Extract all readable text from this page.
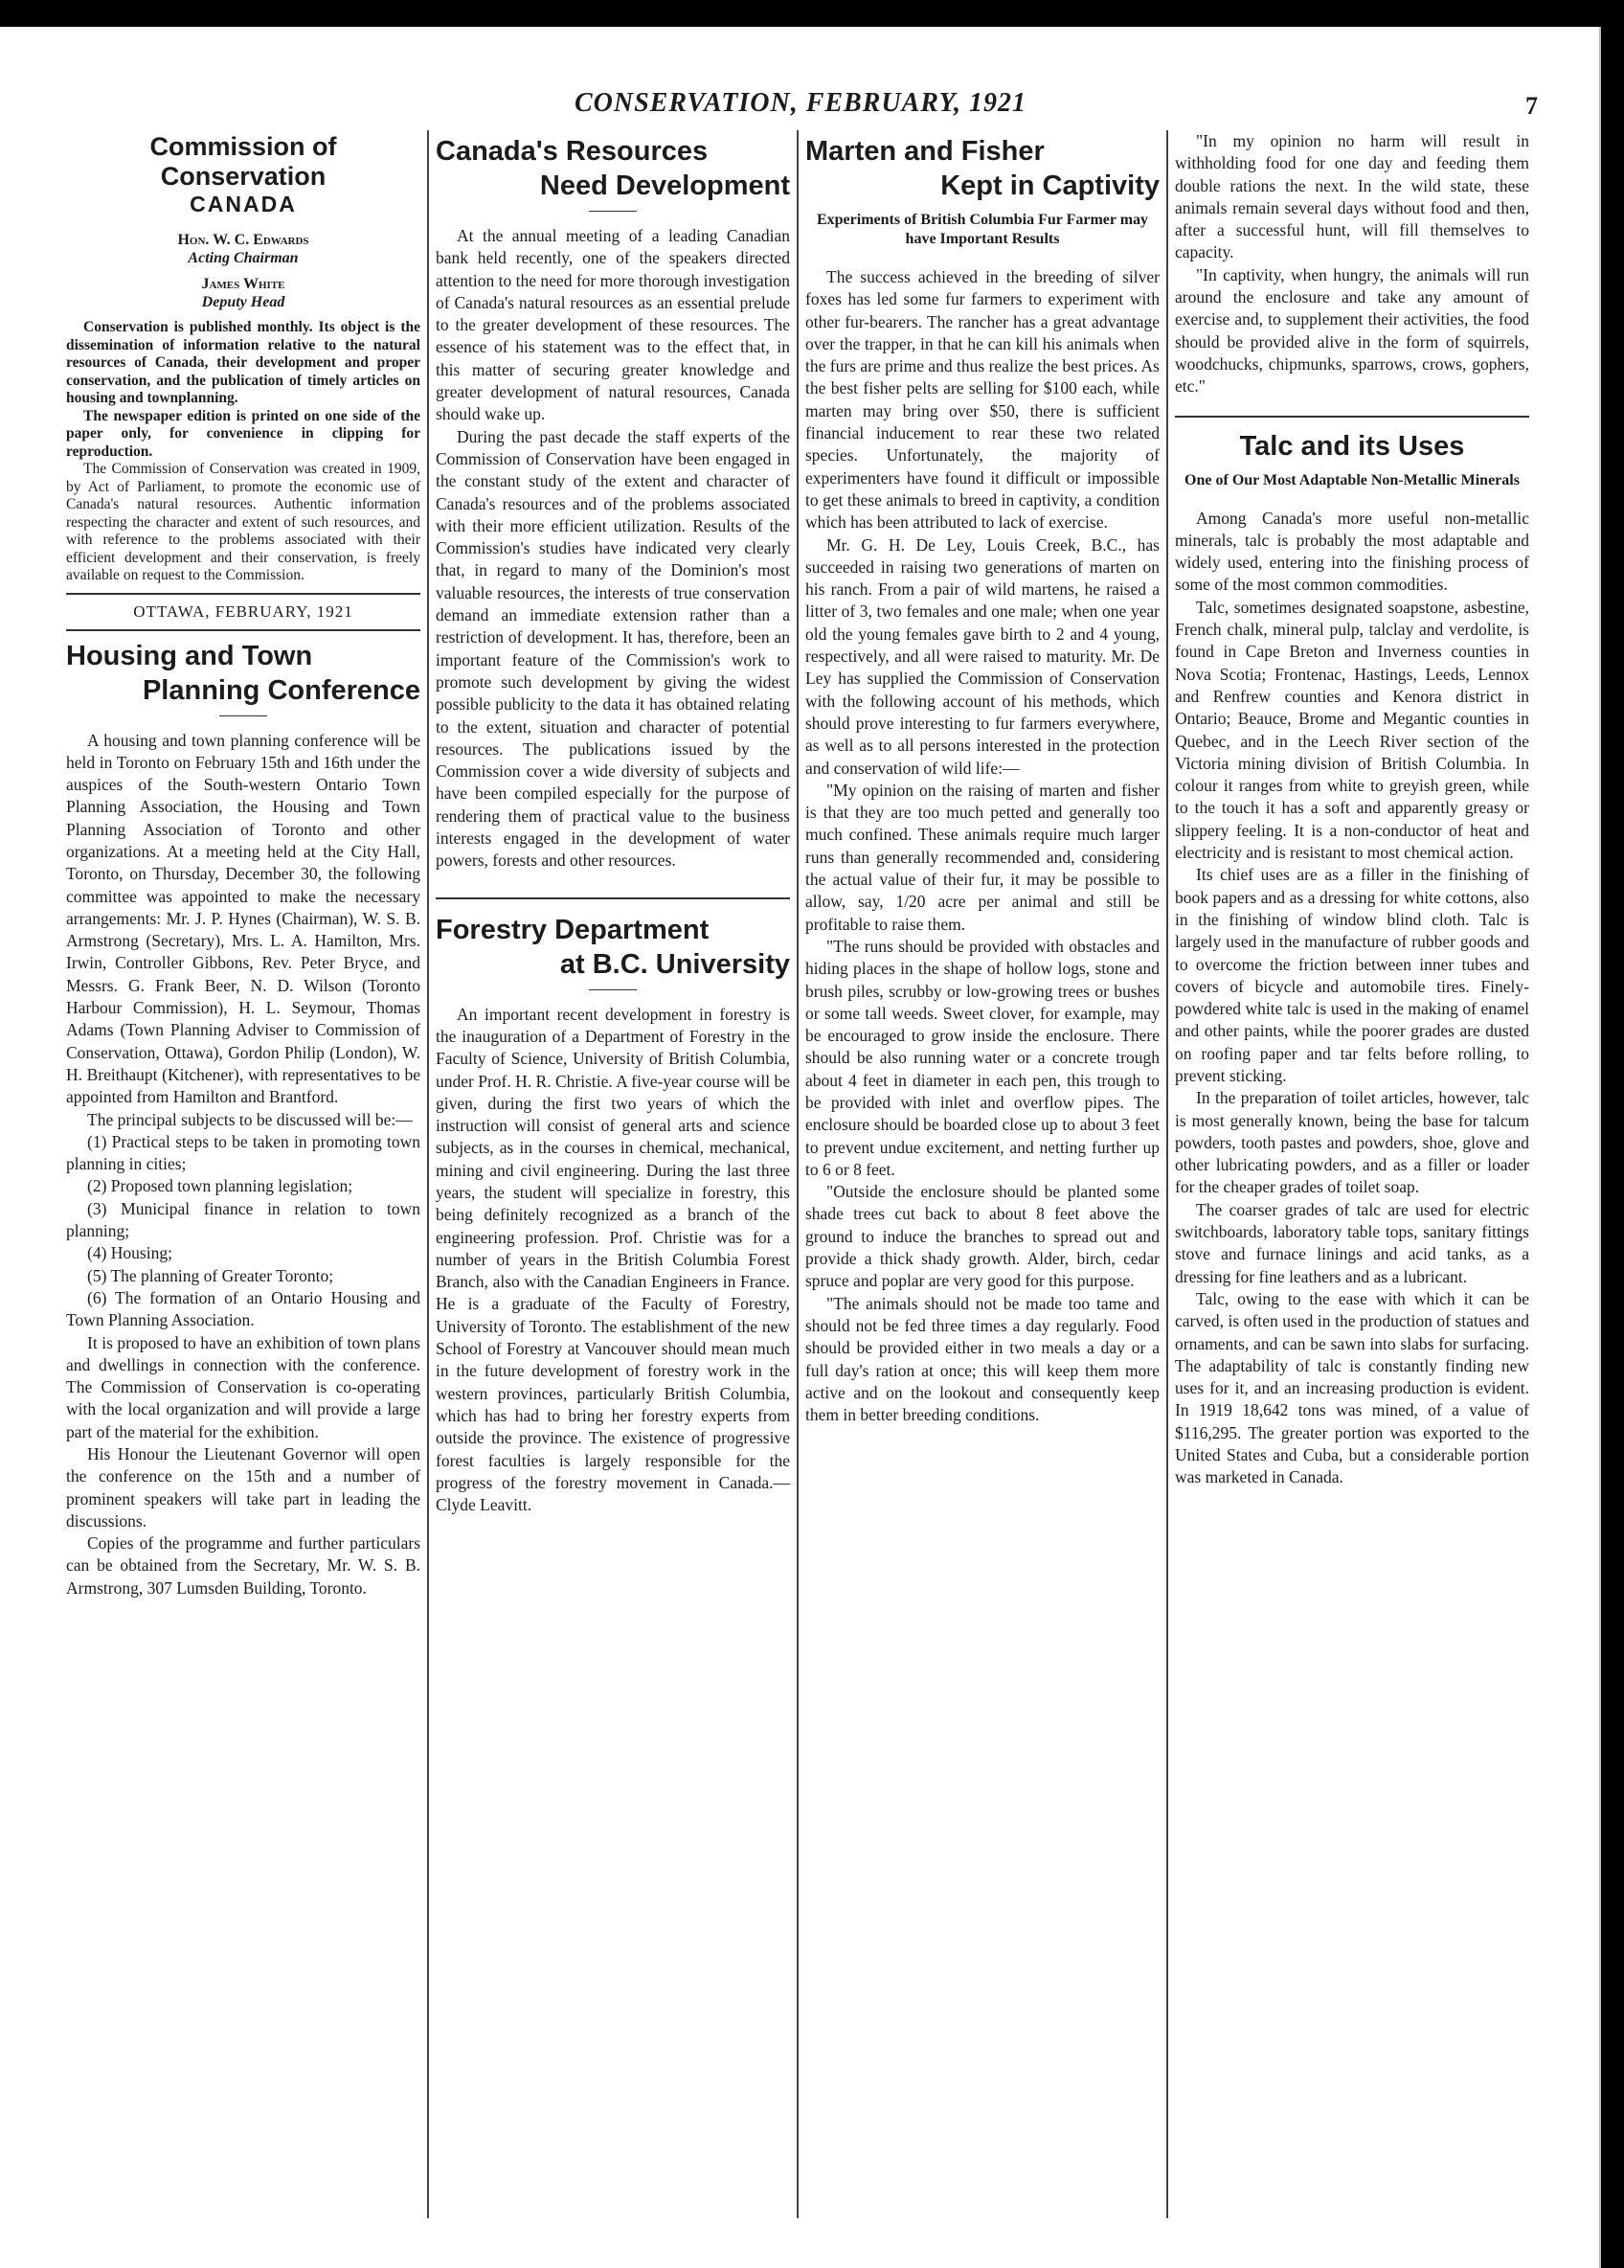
CONSERVATION, FEBRUARY, 1921	7
Commission of Conservation
CANADA
Hon. W. C. Edwards
Acting Chairman
James White
Deputy Head

Conservation is published monthly. Its object is the dissemination of information relative to the natural resources of Canada, their development and proper conservation, and the publication of timely articles on housing and townplanning.

The newspaper edition is printed on one side of the paper only, for convenience in clipping for reproduction.

The Commission of Conservation was created in 1909, by Act of Parliament, to promote the economic use of Canada's natural resources. Authentic information respecting the character and extent of such resources, and with reference to the problems associated with their efficient development and their conservation, is freely available on request to the Commission.

OTTAWA, FEBRUARY, 1921
Housing and Town
Planning Conference

A housing and town planning conference will be held in Toronto on February 15th and 16th under the auspices of the South-western Ontario Town Planning Association, the Housing and Town Planning Association of Toronto and other organizations. At a meeting held at the City Hall, Toronto, on Thursday, December 30, the following committee was appointed to make the necessary arrangements: Mr. J. P. Hynes (Chairman), W. S. B. Armstrong (Secretary), Mrs. L. A. Hamilton, Mrs. Irwin, Controller Gibbons, Rev. Peter Bryce, and Messrs. G. Frank Beer, N. D. Wilson (Toronto Harbour Commission), H. L. Seymour, Thomas Adams (Town Planning Adviser to Commission of Conservation, Ottawa), Gordon Philip (London), W. H. Breithaupt (Kitchener), with representatives to be appointed from Hamilton and Brantford.

The principal subjects to be discussed will be:—

(1) Practical steps to be taken in promoting town planning in cities;

(2) Proposed town planning legislation;

(3) Municipal finance in relation to town planning;

(4) Housing;

(5) The planning of Greater Toronto;

(6) The formation of an Ontario Housing and Town Planning Association.

It is proposed to have an exhibition of town plans and dwellings in connection with the conference. The Commission of Conservation is co-operating with the local organization and will provide a large part of the material for the exhibition.

His Honour the Lieutenant Governor will open the conference on the 15th and a number of prominent speakers will take part in leading the discussions.

Copies of the programme and further particulars can be obtained from the Secretary, Mr. W. S. B. Armstrong, 307 Lumsden Building, Toronto.

Canada's Resources
Need Development

At the annual meeting of a leading Canadian bank held recently, one of the speakers directed attention to the need for more thorough investigation of Canada's natural resources as an essential prelude to the greater development of these resources. The essence of his statement was to the effect that, in this matter of securing greater knowledge and greater development of natural resources, Canada should wake up.

During the past decade the staff experts of the Commission of Conservation have been engaged in the constant study of the extent and character of Canada's resources and of the problems associated with their more efficient utilization. Results of the Commission's studies have indicated very clearly that, in regard to many of the Dominion's most valuable resources, the interests of true conservation demand an immediate extension rather than a restriction of development. It has, therefore, been an important feature of the Commission's work to promote such development by giving the widest possible publicity to the data it has obtained relating to the extent, situation and character of potential resources. The publications issued by the Commission cover a wide diversity of subjects and have been compiled especially for the purpose of rendering them of practical value to the business interests engaged in the development of water powers, forests and other resources.

Forestry Department
at B.C. University

An important recent development in forestry is the inauguration of a Department of Forestry in the Faculty of Science, University of British Columbia, under Prof. H. R. Christie. A five-year course will be given, during the first two years of which the instruction will consist of general arts and science subjects, as in the courses in chemical, mechanical, mining and civil engineering. During the last three years, the student will specialize in forestry, this being definitely recognized as a branch of the engineering profession. Prof. Christie was for a number of years in the British Columbia Forest Branch, also with the Canadian Engineers in France. He is a graduate of the Faculty of Forestry, University of Toronto. The establishment of the new School of Forestry at Vancouver should mean much in the future development of forestry work in the western provinces, particularly British Columbia, which has had to bring her forestry experts from outside the province. The existence of progressive forest faculties is largely responsible for the progress of the forestry movement in Canada.—Clyde Leavitt.

Marten and Fisher
Kept in Captivity
Experiments of British Columbia Fur Farmer may have Important Results

The success achieved in the breeding of silver foxes has led some fur farmers to experiment with other fur-bearers. The rancher has a great advantage over the trapper, in that he can kill his animals when the furs are prime and thus realize the best prices. As the best fisher pelts are selling for $100 each, while marten may bring over $50, there is sufficient financial inducement to rear these two related species. Unfortunately, the majority of experimenters have found it difficult or impossible to get these animals to breed in captivity, a condition which has been attributed to lack of exercise.

Mr. G. H. De Ley, Louis Creek, B.C., has succeeded in raising two generations of marten on his ranch. From a pair of wild martens, he raised a litter of 3, two females and one male; when one year old the young females gave birth to 2 and 4 young, respectively, and all were raised to maturity. Mr. De Ley has supplied the Commission of Conservation with the following account of his methods, which should prove interesting to fur farmers everywhere, as well as to all persons interested in the protection and conservation of wild life:—

"My opinion on the raising of marten and fisher is that they are too much petted and generally too much confined. These animals require much larger runs than generally recommended and, considering the actual value of their fur, it may be possible to allow, say, 1/20 acre per animal and still be profitable to raise them.

"The runs should be provided with obstacles and hiding places in the shape of hollow logs, stone and brush piles, scrubby or low-growing trees or bushes or some tall weeds. Sweet clover, for example, may be encouraged to grow inside the enclosure. There should be also running water or a concrete trough about 4 feet in diameter in each pen, this trough to be provided with inlet and overflow pipes. The enclosure should be boarded close up to about 3 feet to prevent undue excitement, and netting further up to 6 or 8 feet.

"Outside the enclosure should be planted some shade trees cut back to about 8 feet above the ground to induce the branches to spread out and provide a thick shady growth. Alder, birch, cedar spruce and poplar are very good for this purpose.

"The animals should not be made too tame and should not be fed three times a day regularly. Food should be provided either in two meals a day or a full day's ration at once; this will keep them more active and on the lookout and consequently keep them in better breeding conditions.

"In my opinion no harm will result in withholding food for one day and feeding them double rations the next. In the wild state, these animals remain several days without food and then, after a successful hunt, will fill themselves to capacity.

"In captivity, when hungry, the animals will run around the enclosure and take any amount of exercise and, to supplement their activities, the food should be provided alive in the form of squirrels, woodchucks, chipmunks, sparrows, crows, gophers, etc."

Talc and its Uses
One of Our Most Adaptable Non-Metallic Minerals

Among Canada's more useful non-metallic minerals, talc is probably the most adaptable and widely used, entering into the finishing process of some of the most common commodities.

Talc, sometimes designated soapstone, asbestine, French chalk, mineral pulp, talclay and verdolite, is found in Cape Breton and Inverness counties in Nova Scotia; Frontenac, Hastings, Leeds, Lennox and Renfrew counties and Kenora district in Ontario; Beauce, Brome and Megantic counties in Quebec, and in the Leech River section of the Victoria mining division of British Columbia. In colour it ranges from white to greyish green, while to the touch it has a soft and apparently greasy or slippery feeling. It is a non-conductor of heat and electricity and is resistant to most chemical action.

Its chief uses are as a filler in the finishing of book papers and as a dressing for white cottons, also in the finishing of window blind cloth. Talc is largely used in the manufacture of rubber goods and to overcome the friction between inner tubes and covers of bicycle and automobile tires. Finely-powdered white talc is used in the making of enamel and other paints, while the poorer grades are dusted on roofing paper and tar felts before rolling, to prevent sticking.

In the preparation of toilet articles, however, talc is most generally known, being the base for talcum powders, tooth pastes and powders, shoe, glove and other lubricating powders, and as a filler or loader for the cheaper grades of toilet soap.

The coarser grades of talc are used for electric switchboards, laboratory table tops, sanitary fittings stove and furnace linings and acid tanks, as a dressing for fine leathers and as a lubricant.

Talc, owing to the ease with which it can be carved, is often used in the production of statues and ornaments, and can be sawn into slabs for surfacing. The adaptability of talc is constantly finding new uses for it, and an increasing production is evident. In 1919 18,642 tons was mined, of a value of $116,295. The greater portion was exported to the United States and Cuba, but a considerable portion was marketed in Canada.
